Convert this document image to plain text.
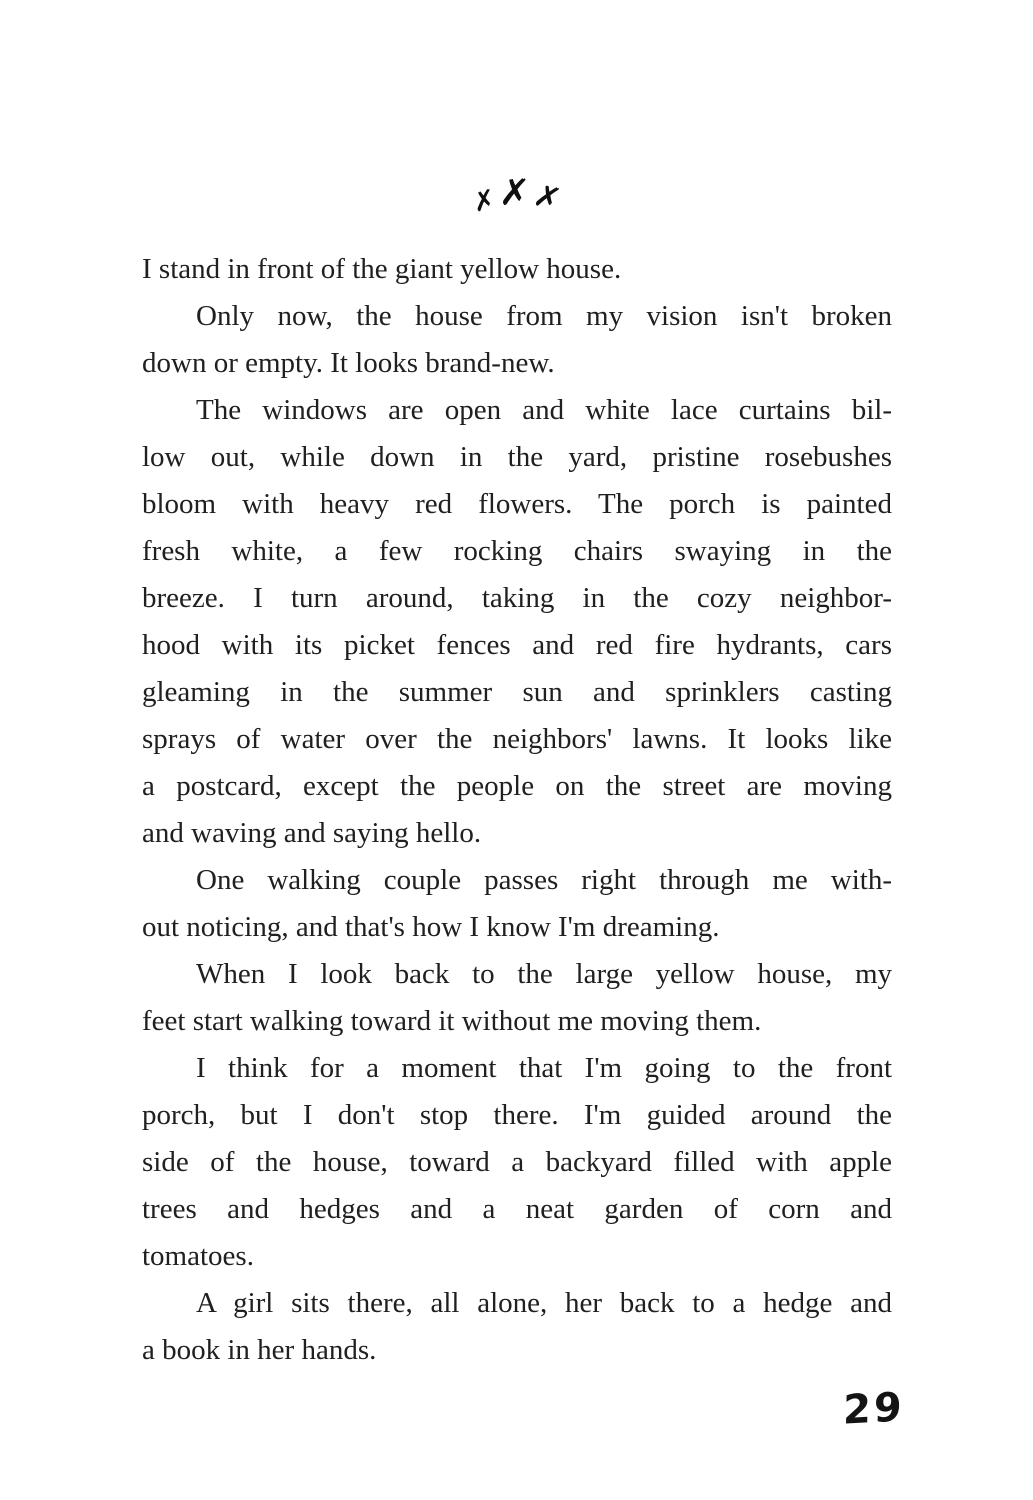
✗ ✗ ✗
I stand in front of the giant yellow house.
Only now, the house from my vision isn't broken
down or empty. It looks brand-new.
The windows are open and white lace curtains bil-
low out, while down in the yard, pristine rosebushes
bloom with heavy red flowers. The porch is painted
fresh white, a few rocking chairs swaying in the
breeze. I turn around, taking in the cozy neighbor-
hood with its picket fences and red fire hydrants, cars
gleaming in the summer sun and sprinklers casting
sprays of water over the neighbors' lawns. It looks like
a postcard, except the people on the street are moving
and waving and saying hello.
One walking couple passes right through me with-
out noticing, and that's how I know I'm dreaming.
When I look back to the large yellow house, my
feet start walking toward it without me moving them.
I think for a moment that I'm going to the front
porch, but I don't stop there. I'm guided around the
side of the house, toward a backyard filled with apple
trees and hedges and a neat garden of corn and
tomatoes.
A girl sits there, all alone, her back to a hedge and
a book in her hands.
29
